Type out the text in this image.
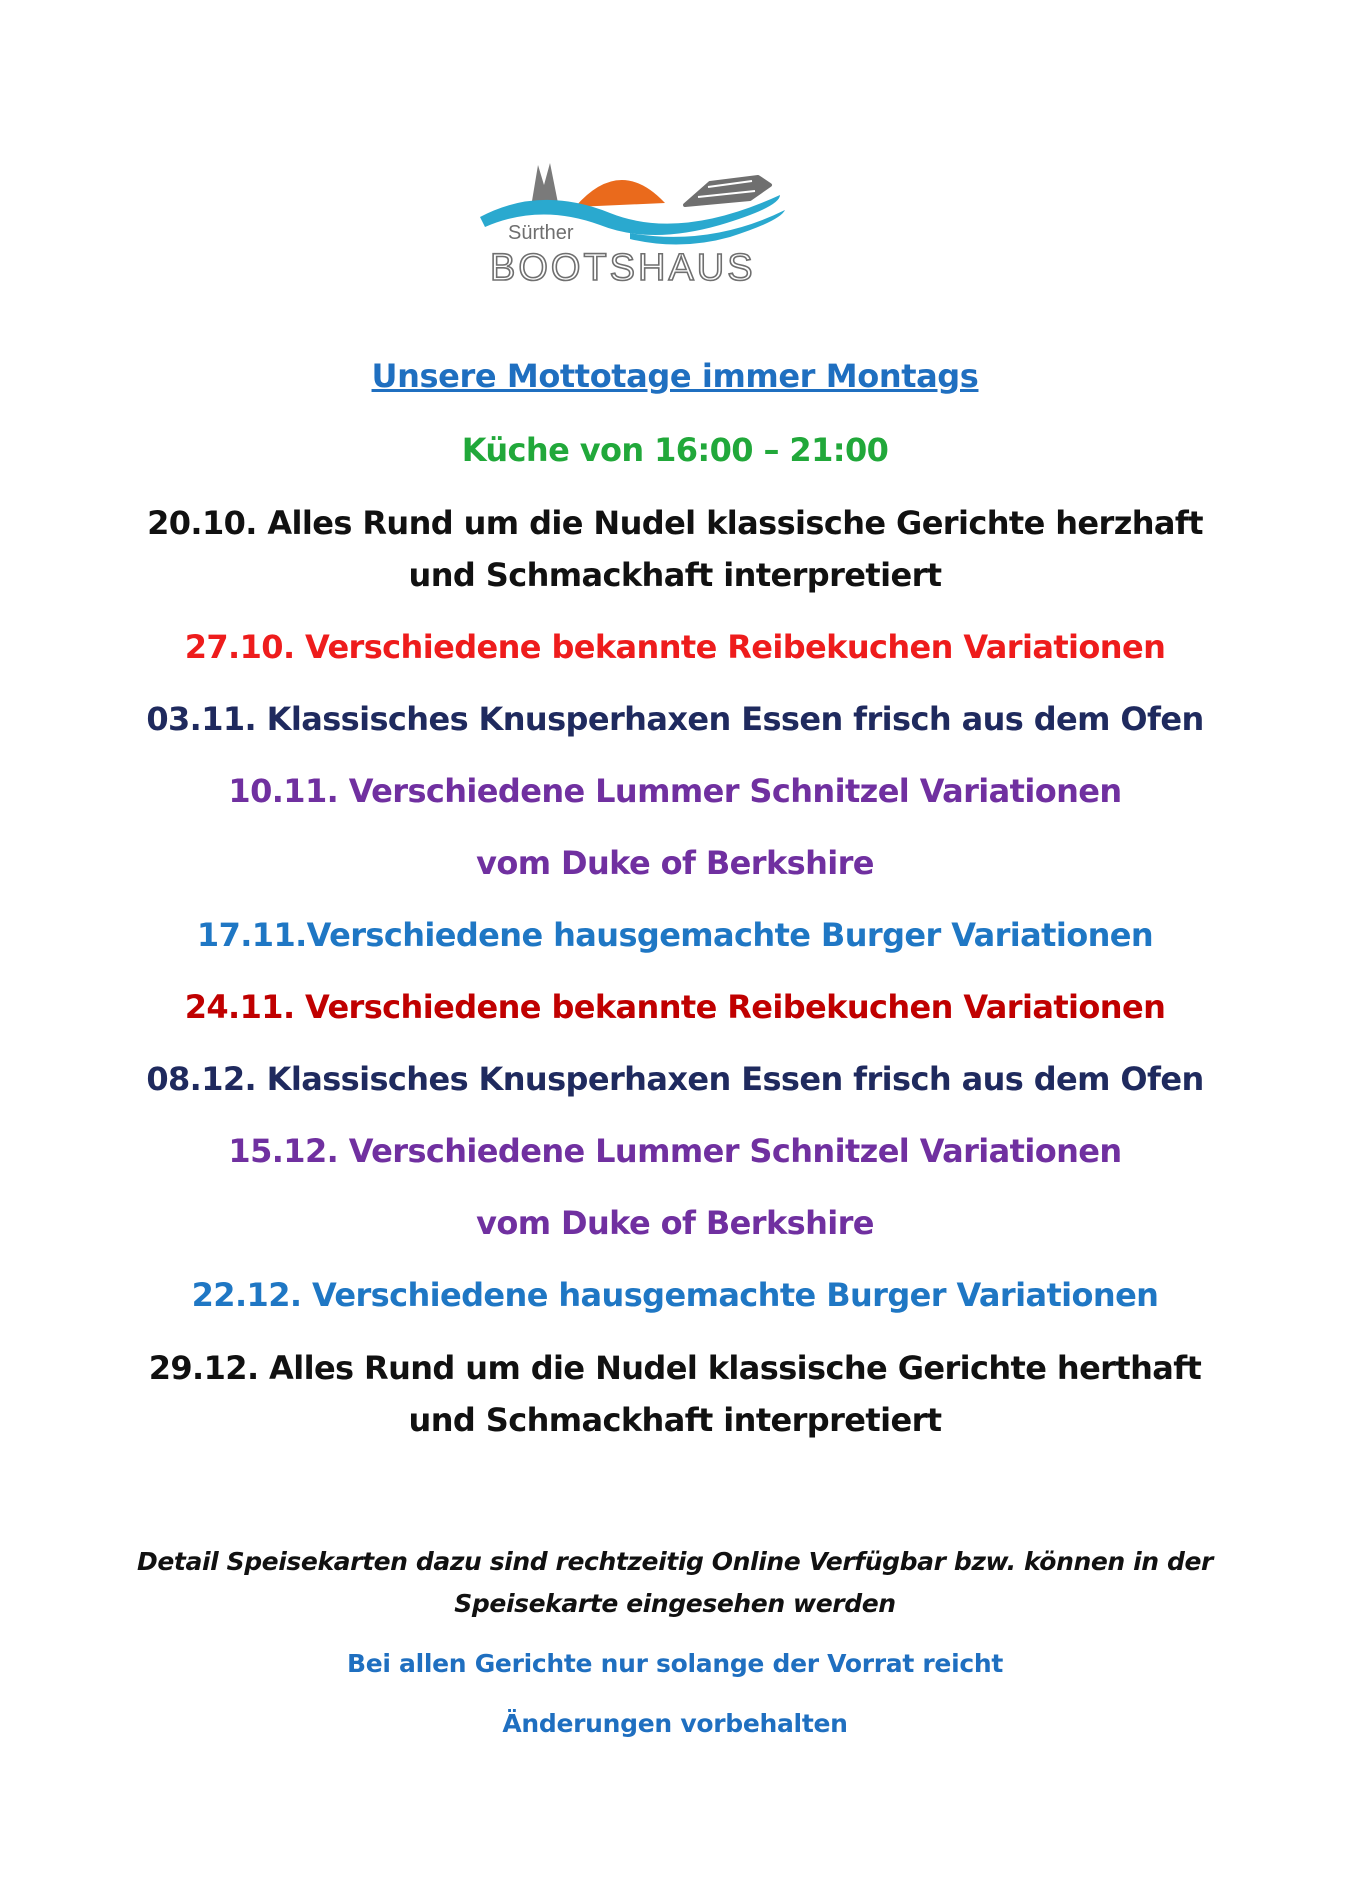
Sürther
BOOTSHAUS

Unsere Mottotage immer Montags

Küche von 16:00 – 21:00

20.10. Alles Rund um die Nudel klassische Gerichte herzhaft

und Schmackhaft interpretiert

27.10. Verschiedene bekannte Reibekuchen Variationen

03.11. Klassisches Knusperhaxen Essen frisch aus dem Ofen

10.11. Verschiedene Lummer Schnitzel Variationen

vom Duke of Berkshire

17.11.Verschiedene hausgemachte Burger Variationen

24.11. Verschiedene bekannte Reibekuchen Variationen

08.12. Klassisches Knusperhaxen Essen frisch aus dem Ofen

15.12. Verschiedene Lummer Schnitzel Variationen

vom Duke of Berkshire

22.12. Verschiedene hausgemachte Burger Variationen

29.12. Alles Rund um die Nudel klassische Gerichte herthaft

und Schmackhaft interpretiert

Detail Speisekarten dazu sind rechtzeitig Online Verfügbar bzw. können in der

Speisekarte eingesehen werden

Bei allen Gerichte nur solange der Vorrat reicht

Änderungen vorbehalten
